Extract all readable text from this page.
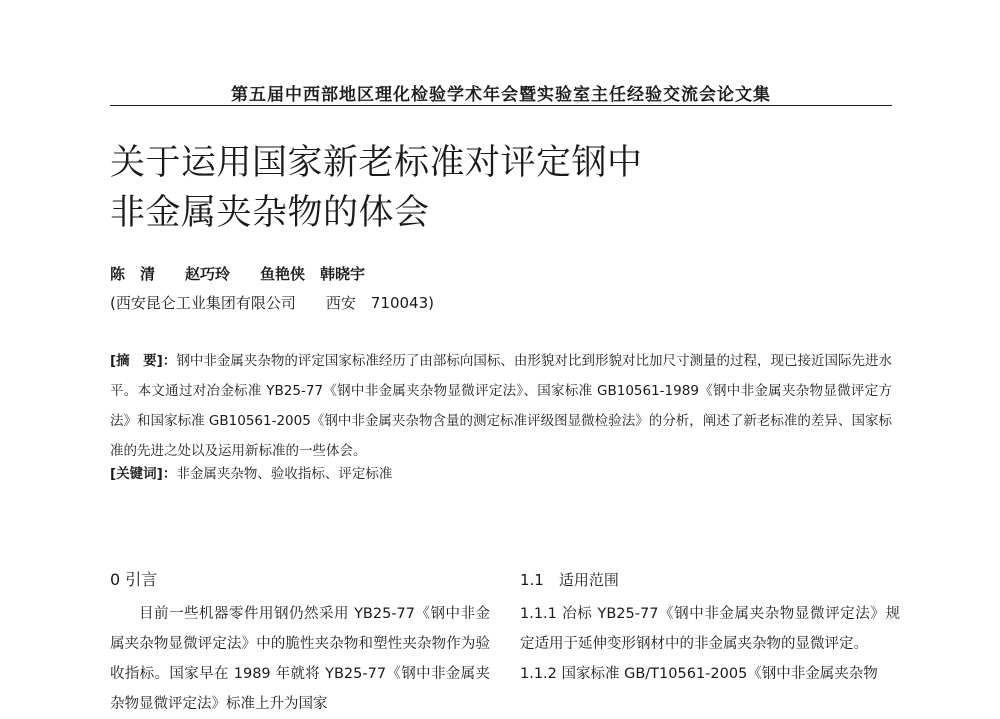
第五届中西部地区理化检验学术年会暨实验室主任经验交流会论文集
关于运用国家新老标准对评定钢中
非金属夹杂物的体会
陈　清　　赵巧玲　　鱼艳侠　韩晓宇
(西安昆仑工业集团有限公司　　西安　710043)
[摘　要]：钢中非金属夹杂物的评定国家标准经历了由部标向国标、由形貌对比到形貌对比加尺寸测量的过程，现已接近国际先进水平。本文通过对冶金标准 YB25-77《钢中非金属夹杂物显微评定法》、国家标准 GB10561-1989《钢中非金属夹杂物显微评定方法》和国家标准 GB10561-2005《钢中非金属夹杂物含量的测定标准评级图显微检验法》的分析，阐述了新老标准的差异、国家标准的先进之处以及运用新标准的一些体会。
[关键词]：非金属夹杂物、验收指标、评定标准
0 引言
目前一些机器零件用钢仍然采用 YB25-77《钢中非金属夹杂物显微评定法》中的脆性夹杂物和塑性夹杂物作为验收指标。国家早在 1989 年就将 YB25-77《钢中非金属夹杂物显微评定法》标准上升为国家
1.1　适用范围
1.1.1 冶标 YB25-77《钢中非金属夹杂物显微评定法》规定适用于延伸变形钢材中的非金属夹杂物的显微评定。
1.1.2 国家标准 GB/T10561-2005《钢中非金属夹杂物
